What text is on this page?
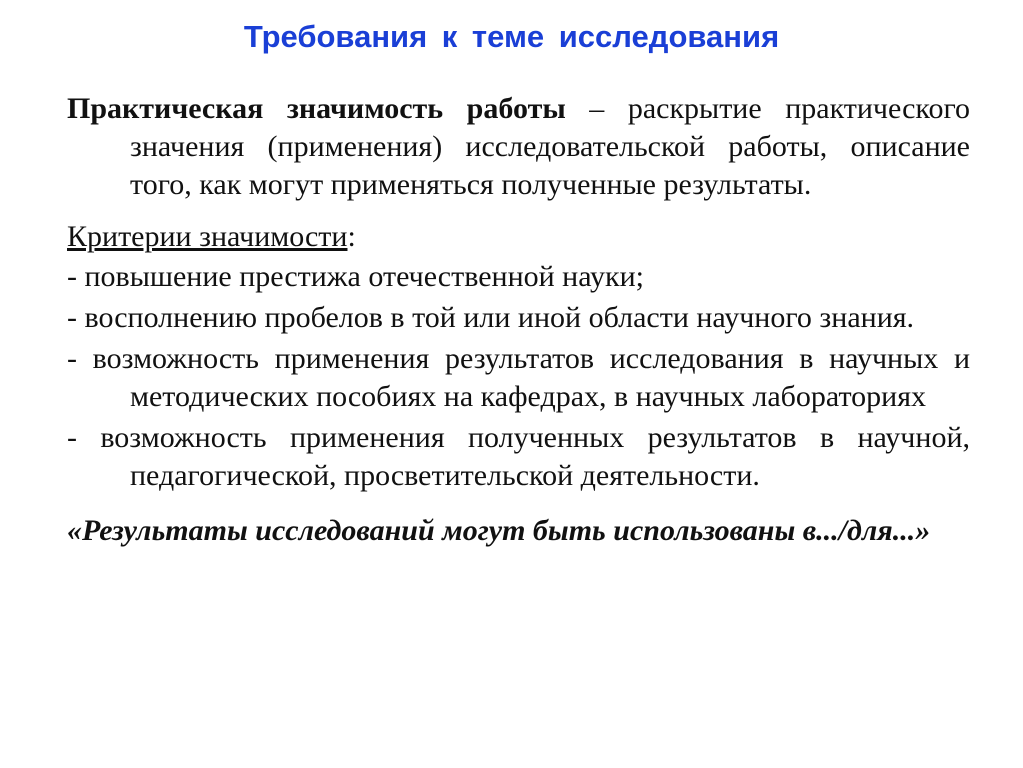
Требования к теме исследования

Практическая значимость работы – раскрытие практического значения (применения) исследовательской работы, описание того, как могут применяться полученные результаты.

Критерии значимости:

- повышение престижа отечественной науки;

- восполнению пробелов в той или иной области научного знания.

- возможность применения результатов исследования в научных и методических пособиях на кафедрах, в научных лабораториях

- возможность применения полученных результатов в научной, педагогической, просветительской деятельности.

«Результаты исследований могут быть использованы в.../для...»
